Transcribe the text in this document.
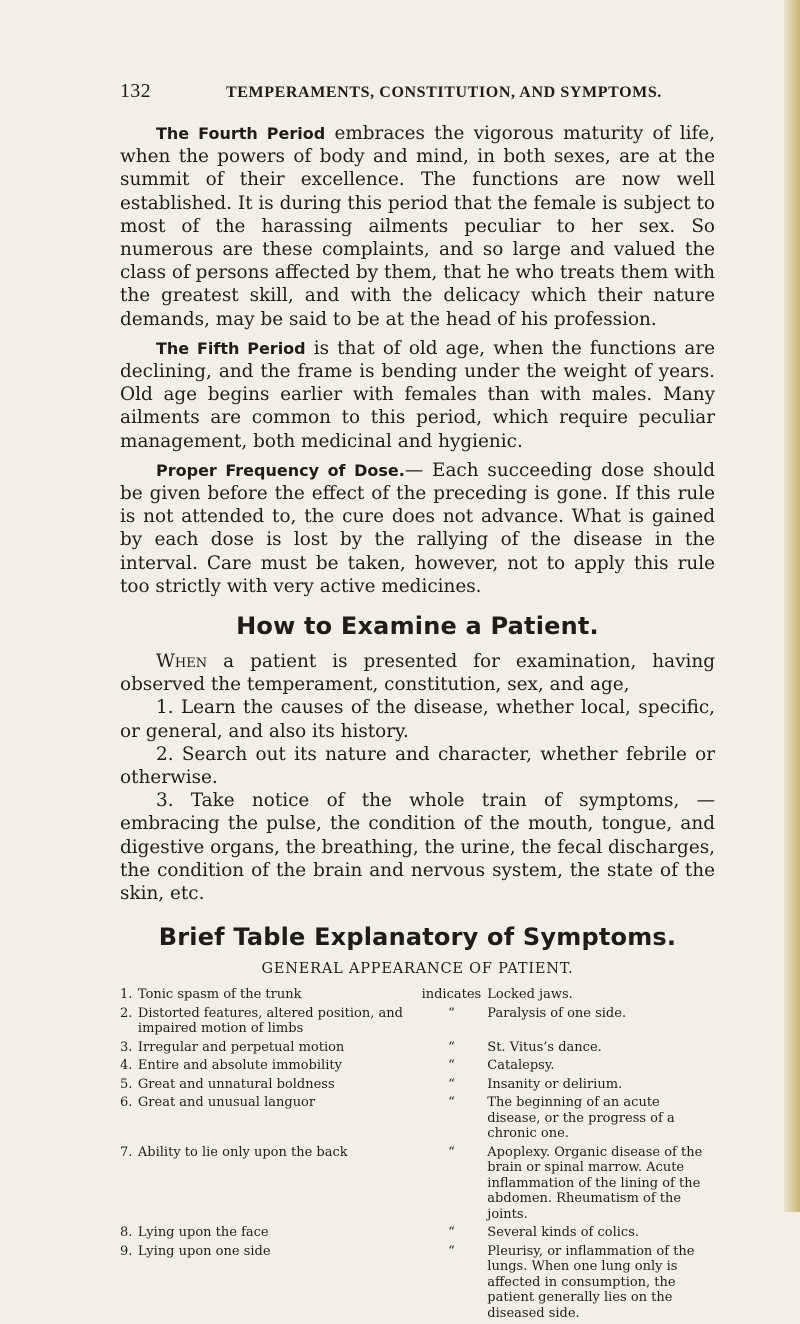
132	TEMPERAMENTS, CONSTITUTION, AND SYMPTOMS.

The Fourth Period embraces the vigorous maturity of life, when the powers of body and mind, in both sexes, are at the summit of their excellence. The functions are now well established. It is during this period that the female is subject to most of the harassing ailments peculiar to her sex. So numerous are these complaints, and so large and valued the class of persons affected by them, that he who treats them with the greatest skill, and with the delicacy which their nature demands, may be said to be at the head of his profession.

The Fifth Period is that of old age, when the functions are declining, and the frame is bending under the weight of years. Old age begins earlier with females than with males. Many ailments are common to this period, which require peculiar management, both medicinal and hygienic.

Proper Frequency of Dose.— Each succeeding dose should be given before the effect of the preceding is gone. If this rule is not attended to, the cure does not advance. What is gained by each dose is lost by the rallying of the disease in the interval. Care must be taken, however, not to apply this rule too strictly with very active medicines.

How to Examine a Patient.

When a patient is presented for examination, having observed the temperament, constitution, sex, and age,

1. Learn the causes of the disease, whether local, specific, or general, and also its history.

2. Search out its nature and character, whether febrile or otherwise.

3. Take notice of the whole train of symptoms, — embracing the pulse, the condition of the mouth, tongue, and digestive organs, the breathing, the urine, the fecal discharges, the condition of the brain and nervous system, the state of the skin, etc.

Brief Table Explanatory of Symptoms.
GENERAL APPEARANCE OF PATIENT.
1.	Tonic spasm of the trunk	indicates	Locked jaws.
2.	Distorted features, altered position, and impaired motion of limbs	“	Paralysis of one side.
3.	Irregular and perpetual motion	“	St. Vitus’s dance.
4.	Entire and absolute immobility	“	Catalepsy.
5.	Great and unnatural boldness	“	Insanity or delirium.
6.	Great and unusual languor	“	The beginning of an acute disease, or the progress of a chronic one.
7.	Ability to lie only upon the back	“	Apoplexy. Organic disease of the brain or spinal marrow. Acute inflammation of the lining of the abdomen. Rheumatism of the joints.
8.	Lying upon the face	“	Several kinds of colics.
9.	Lying upon one side	“	Pleurisy, or inflammation of the lungs. When one lung only is affected in consumption, the patient generally lies on the diseased side.
